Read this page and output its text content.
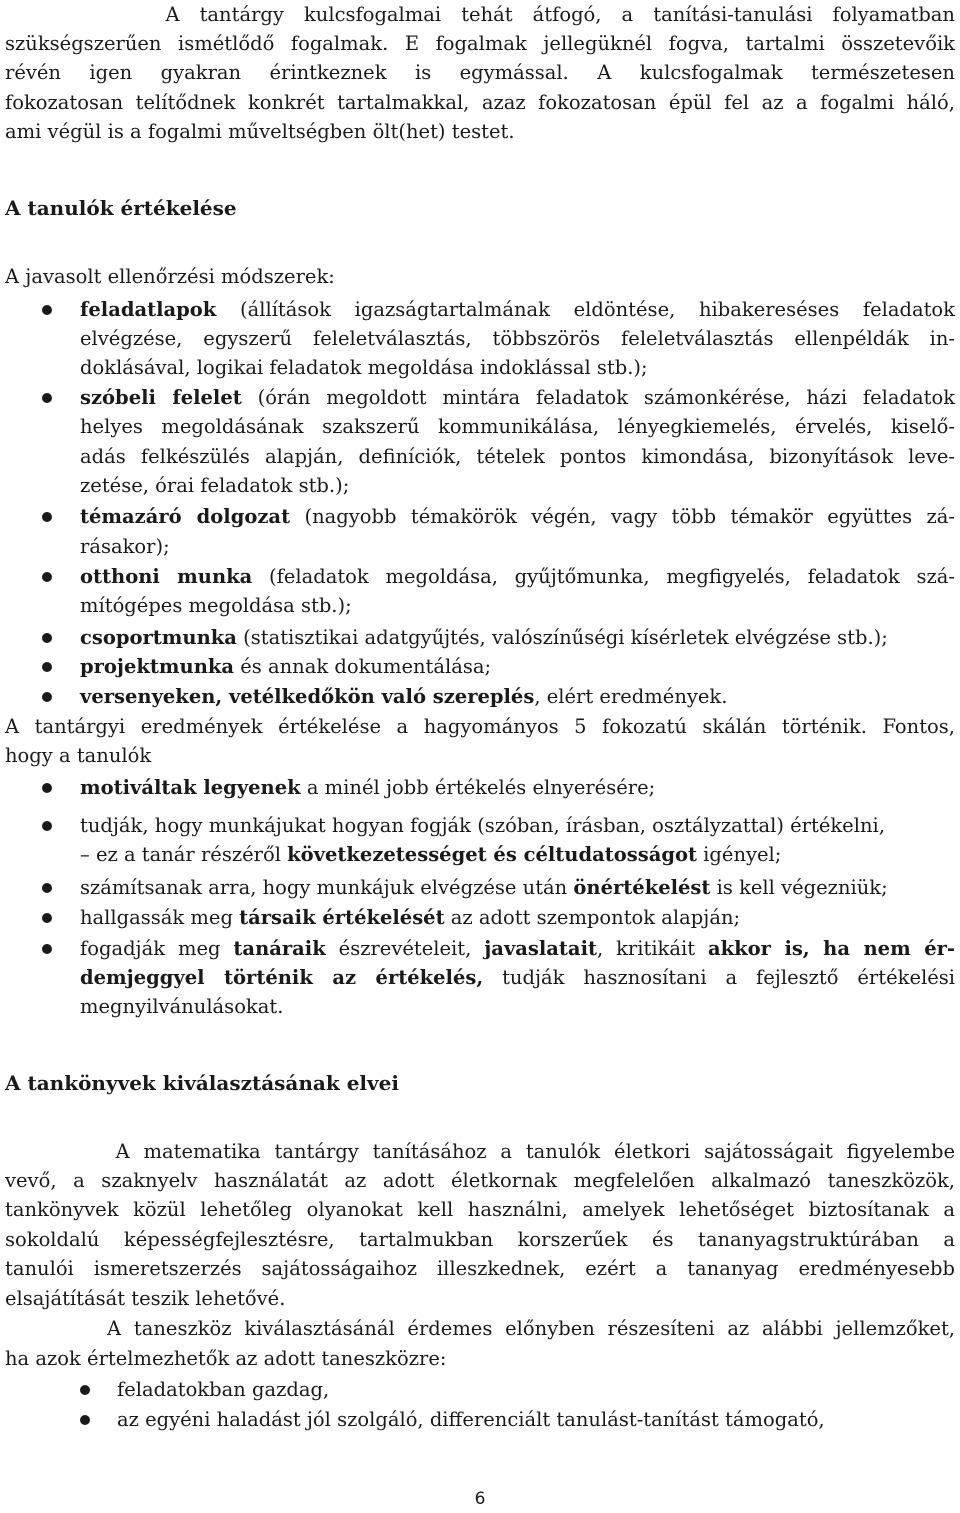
A tantárgy kulcsfogalmai tehát átfogó, a tanítási-tanulási folyamatban
szükségszerűen ismétlődő fogalmak. E fogalmak jellegüknél fogva, tartalmi összetevőik
révén igen gyakran érintkeznek is egymással. A kulcsfogalmak természetesen
fokozatosan telítődnek konkrét tartalmakkal, azaz fokozatosan épül fel az a fogalmi háló,
ami végül is a fogalmi műveltségben ölt(het) testet.
A tanulók értékelése
A javasolt ellenőrzési módszerek:
feladatlapok (állítások igazságtartalmának eldöntése, hibakereséses feladatok
elvégzése, egyszerű feleletválasztás, többszörös feleletválasztás ellenpéldák in-
doklásával, logikai feladatok megoldása indoklással stb.);
szóbeli felelet (órán megoldott mintára feladatok számonkérése, házi feladatok
helyes megoldásának szakszerű kommunikálása, lényegkiemelés, érvelés, kiselő-
adás felkészülés alapján, definíciók, tételek pontos kimondása, bizonyítások leve-
zetése, órai feladatok stb.);
témazáró dolgozat (nagyobb témakörök végén, vagy több témakör együttes zá-
rásakor);
otthoni munka (feladatok megoldása, gyűjtőmunka, megfigyelés, feladatok szá-
mítógépes megoldása stb.);
csoportmunka (statisztikai adatgyűjtés, valószínűségi kísérletek elvégzése stb.);
projektmunka és annak dokumentálása;
versenyeken, vetélkedőkön való szereplés, elért eredmények.
A tantárgyi eredmények értékelése a hagyományos 5 fokozatú skálán történik. Fontos,
hogy a tanulók
motiváltak legyenek a minél jobb értékelés elnyerésére;
tudják, hogy munkájukat hogyan fogják (szóban, írásban, osztályzattal) értékelni,
– ez a tanár részéről következetességet és céltudatosságot igényel;
számítsanak arra, hogy munkájuk elvégzése után önértékelést is kell végezniük;
hallgassák meg társaik értékelését az adott szempontok alapján;
fogadják meg tanáraik észrevételeit, javaslatait, kritikáit akkor is, ha nem ér-
demjeggyel történik az értékelés, tudják hasznosítani a fejlesztő értékelési
megnyilvánulásokat.
A tankönyvek kiválasztásának elvei
A matematika tantárgy tanításához a tanulók életkori sajátosságait figyelembe
vevő, a szaknyelv használatát az adott életkornak megfelelően alkalmazó taneszközök,
tankönyvek közül lehetőleg olyanokat kell használni, amelyek lehetőséget biztosítanak a
sokoldalú képességfejlesztésre, tartalmukban korszerűek és tananyagstruktúrában a
tanulói ismeretszerzés sajátosságaihoz illeszkednek, ezért a tananyag eredményesebb
elsajátítását teszik lehetővé.
A taneszköz kiválasztásánál érdemes előnyben részesíteni az alábbi jellemzőket,
ha azok értelmezhetők az adott taneszközre:
feladatokban gazdag,
az egyéni haladást jól szolgáló, differenciált tanulást-tanítást támogató,
6
